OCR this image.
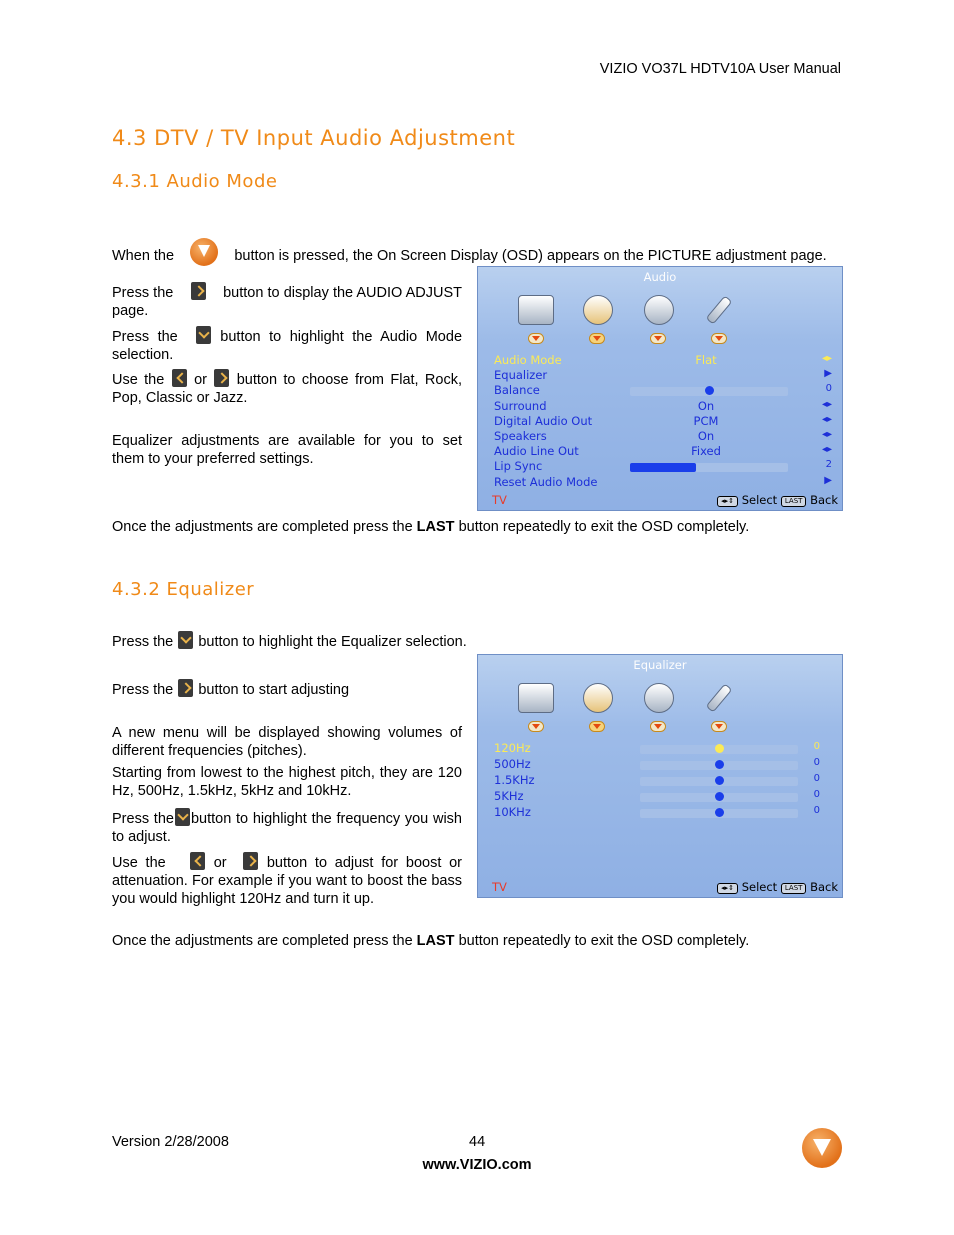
VIZIO VO37L HDTV10A User Manual
4.3 DTV / TV Input Audio Adjustment
4.3.1 Audio Mode
When the	button is pressed, the On Screen Display (OSD) appears on the PICTURE adjustment page.
Press the	button to display the AUDIO ADJUST page.
Press the	button to highlight the Audio Mode selection.
Use the or button to choose from Flat, Rock, Pop, Classic or Jazz.
Equalizer adjustments are available for you to set them to your preferred settings.
Audio
Audio Mode	Flat	◂▸
Equalizer	▶
Balance	0
Surround	On	◂▸
Digital Audio Out	PCM	◂▸
Speakers	On	◂▸
Audio Line Out	Fixed	◂▸
Lip Sync	2
Reset Audio Mode	▶
TV	◂▸⇕ Select LAST Back
Once the adjustments are completed press the LAST button repeatedly to exit the OSD completely.
4.3.2 Equalizer
Press the button to highlight the Equalizer selection.
Press the button to start adjusting
A new menu will be displayed showing volumes of different frequencies (pitches).
Starting from lowest to the highest pitch, they are 120 Hz, 500Hz, 1.5kHz, 5kHz and 10kHz.
Press the button to highlight the frequency you wish to adjust.
Use the	or	button to adjust for boost or attenuation. For example if you want to boost the bass you would highlight 120Hz and turn it up.
Equalizer
120Hz	0
500Hz	0
1.5KHz	0
5KHz	0
10KHz	0
TV	◂▸⇕ Select LAST Back
Once the adjustments are completed press the LAST button repeatedly to exit the OSD completely.
Version 2/28/2008	44
www.VIZIO.com
